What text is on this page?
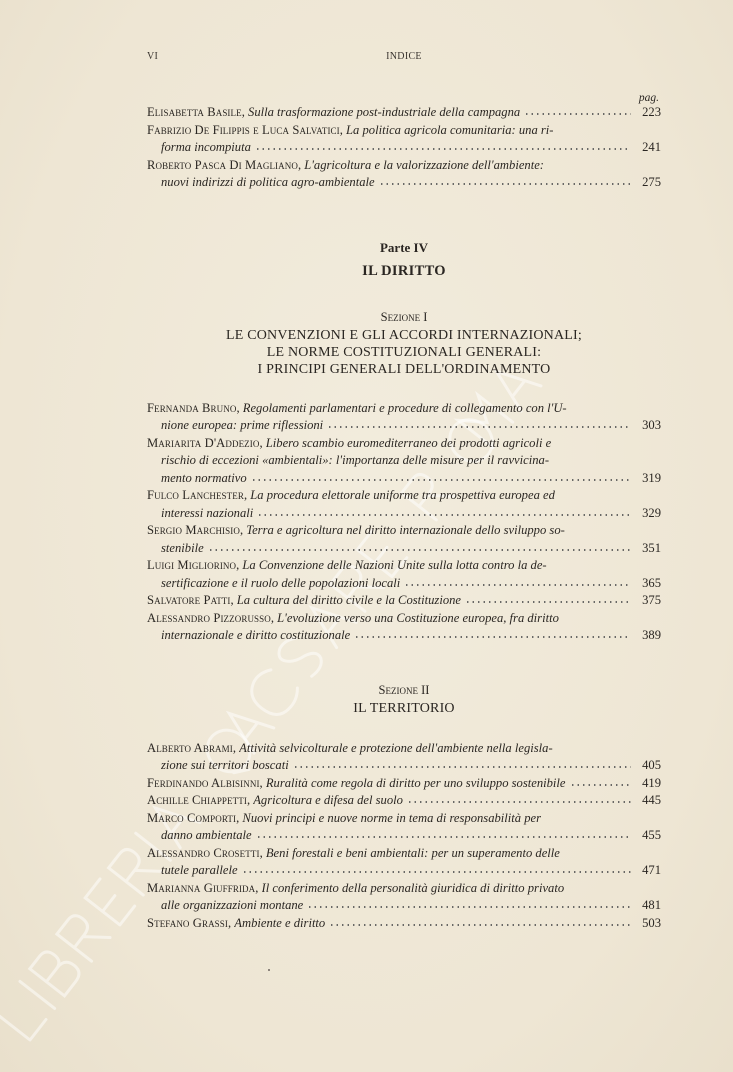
VI	INDICE
pag.
Elisabetta Basile , Sulla trasformazione post-industriale della campagna	223
Fabrizio De Filippis e Luca Salvatici , La politica agricola comunitaria: una ri-
forma incompiuta	241
Roberto Pasca Di Magliano , L'agricoltura e la valorizzazione dell'ambiente:
nuovi indirizzi di politica agro-ambientale	275
Parte IV
IL DIRITTO
Sezione I
LE CONVENZIONI E GLI ACCORDI INTERNAZIONALI;
LE NORME COSTITUZIONALI GENERALI:
I PRINCIPI GENERALI DELL'ORDINAMENTO
Fernanda Bruno , Regolamenti parlamentari e procedure di collegamento con l'U-
nione europea: prime riflessioni	303
Mariarita D'Addezio , Libero scambio euromediterraneo dei prodotti agricoli e
rischio di eccezioni «ambientali»: l'importanza delle misure per il ravvicina-
mento normativo	319
Fulco Lanchester , La procedura elettorale uniforme tra prospettiva europea ed
interessi nazionali	329
Sergio Marchisio , Terra e agricoltura nel diritto internazionale dello sviluppo so-
stenibile	351
Luigi Migliorino , La Convenzione delle Nazioni Unite sulla lotta contro la de-
sertificazione e il ruolo delle popolazioni locali	365
Salvatore Patti , La cultura del diritto civile e la Costituzione	375
Alessandro Pizzorusso , L'evoluzione verso una Costituzione europea, fra diritto
internazionale e diritto costituzionale	389
Sezione II
IL TERRITORIO
Alberto Abrami , Attività selvicolturale e protezione dell'ambiente nella legisla-
zione sui territori boscati	405
Ferdinando Albisinni , Ruralità come regola di diritto per uno sviluppo sostenibile	419
Achille Chiappetti , Agricoltura e difesa del suolo	445
Marco Comporti , Nuovi principi e nuove norme in tema di responsabilità per
danno ambientale	455
Alessandro Crosetti , Beni forestali e beni ambientali: per un superamento delle
tutele parallele	471
Marianna Giuffrida , Il conferimento della personalità giuridica di diritto privato
alle organizzazioni montane	481
Stefano Grassi , Ambiente e diritto	503
